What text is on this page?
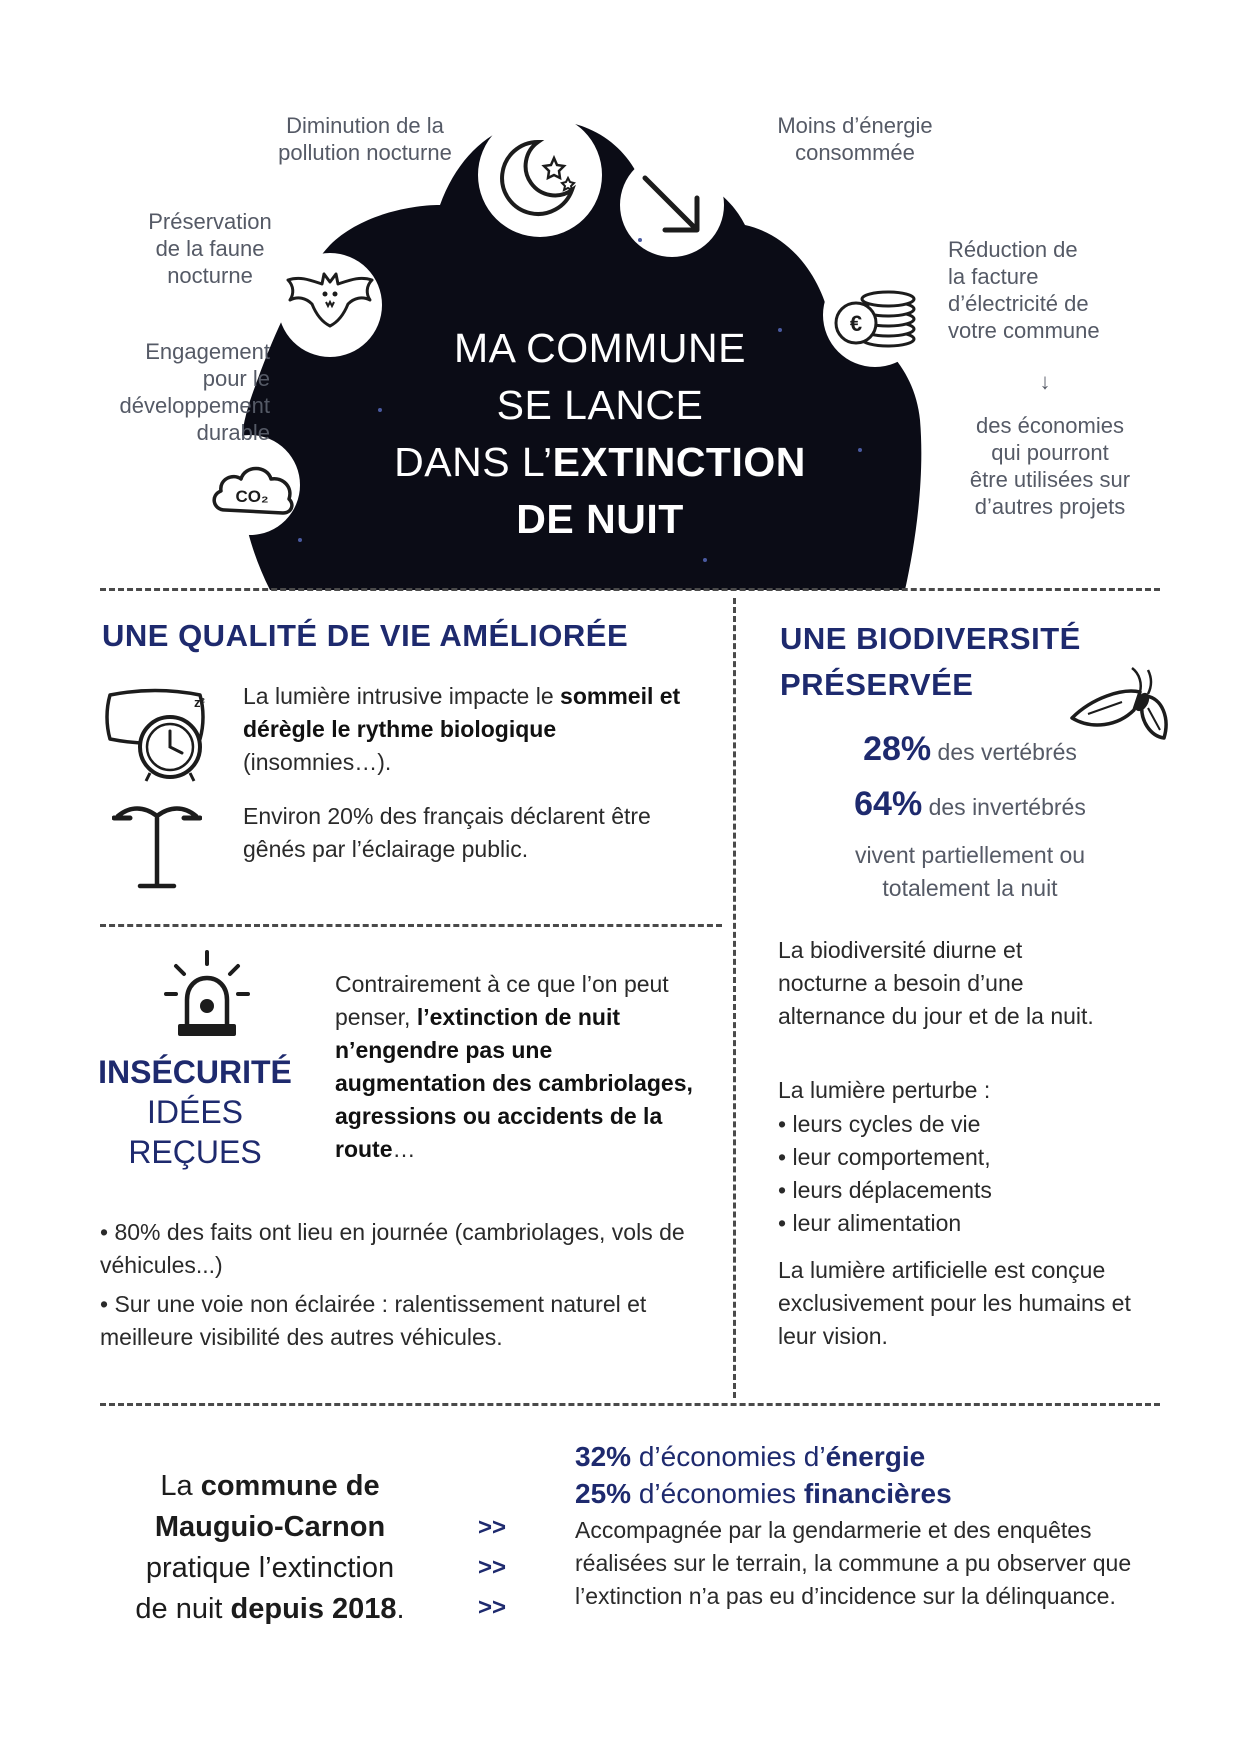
€
CO₂
MA COMMUNE
SE LANCE
DANS L’EXTINCTION
DE NUIT
Diminution de la
pollution nocturne
Préservation
de la faune
nocturne
Engagement
pour le
développement
durable
Moins d’énergie
consommée
Réduction de
la facture
d’électricité de
votre commune
↓
des économies
qui pourront
être utilisées sur
d’autres projets
UNE QUALITÉ DE VIE AMÉLIORÉE
z² La lumière intrusive impacte le sommeil et dérègle le rythme biologique (insomnies…).
Environ 20% des français déclarent être gênés par l’éclairage public.
INSÉCURITÉ
IDÉES
REÇUES
Contrairement à ce que l’on peut penser, l’extinction de nuit n’engendre pas une augmentation des cambriolages, agressions ou accidents de la route…
• 80% des faits ont lieu en journée (cambriolages, vols de véhicules...)
• Sur une voie non éclairée : ralentissement naturel et meilleure visibilité des autres véhicules.
UNE BIODIVERSITÉ
PRÉSERVÉE
28% des vertébrés
64% des invertébrés
vivent partiellement ou totalement la nuit
La biodiversité diurne et nocturne a besoin d’une alternance du jour et de la nuit.
La lumière perturbe :
• leurs cycles de vie
• leur comportement,
• leurs déplacements
• leur alimentation
La lumière artificielle est conçue exclusivement pour les humains et leur vision.
La commune de
Mauguio-Carnon
pratique l’extinction
de nuit depuis 2018.
>>
>>
>>
32% d’économies d’énergie
25% d’économies financières
Accompagnée par la gendarmerie et des enquêtes réalisées sur le terrain, la commune a pu observer que l’extinction n’a pas eu d’incidence sur la délinquance.
